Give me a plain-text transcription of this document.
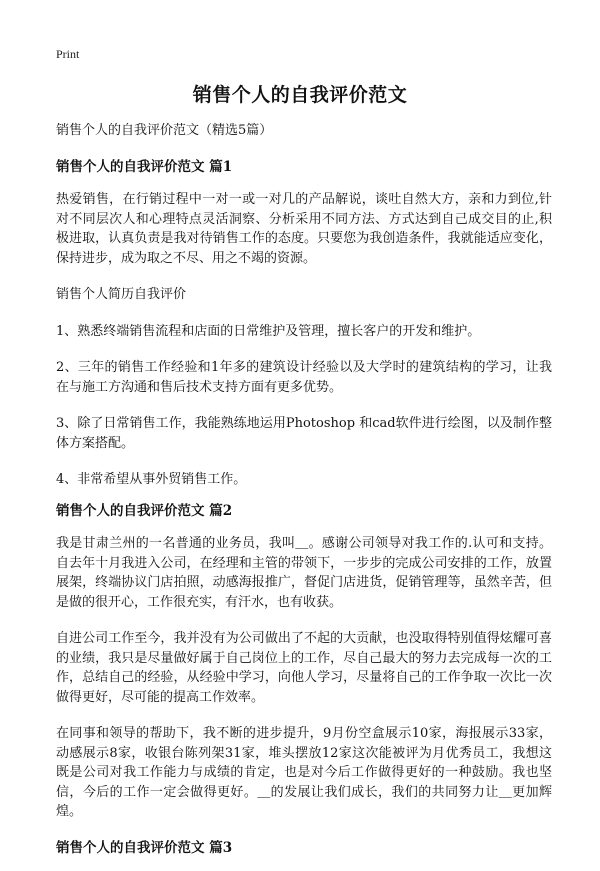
Print
销售个人的自我评价范文

销售个人的自我评价范文（精选5篇）

销售个人的自我评价范文 篇1

热爱销售，在行销过程中一对一或一对几的产品解说，谈吐自然大方，亲和力到位,针对不同层次人和心理特点灵活洞察、分析采用不同方法、方式达到自己成交目的止,积极进取，认真负责是我对待销售工作的态度。只要您为我创造条件，我就能适应变化，保持进步，成为取之不尽、用之不竭的资源。

销售个人简历自我评价

1、熟悉终端销售流程和店面的日常维护及管理，擅长客户的开发和维护。

2、三年的销售工作经验和1年多的建筑设计经验以及大学时的建筑结构的学习，让我在与施工方沟通和售后技术支持方面有更多优势。

3、除了日常销售工作，我能熟练地运用Photoshop 和cad软件进行绘图，以及制作整体方案搭配。

4、非常希望从事外贸销售工作。

销售个人的自我评价范文 篇2

我是甘肃兰州的一名普通的业务员，我叫＿。感谢公司领导对我工作的.认可和支持。自去年十月我进入公司，在经理和主管的带领下，一步步的完成公司安排的工作，放置展架，终端协议门店拍照，动感海报推广，督促门店进货，促销管理等，虽然辛苦，但是做的很开心，工作很充实，有汗水，也有收获。

自进公司工作至今，我并没有为公司做出了不起的大贡献，也没取得特别值得炫耀可喜的业绩，我只是尽量做好属于自己岗位上的工作，尽自己最大的努力去完成每一次的工作，总结自己的经验，从经验中学习，向他人学习，尽量将自己的工作争取一次比一次做得更好，尽可能的提高工作效率。

在同事和领导的帮助下，我不断的进步提升，9月份空盒展示10家，海报展示33家，动感展示8家，收银台陈列架31家，堆头摆放12家这次能被评为月优秀员工，我想这既是公司对我工作能力与成绩的肯定，也是对今后工作做得更好的一种鼓励。我也坚信，今后的工作一定会做得更好。＿的发展让我们成长，我们的共同努力让＿更加辉煌。

销售个人的自我评价范文 篇3
